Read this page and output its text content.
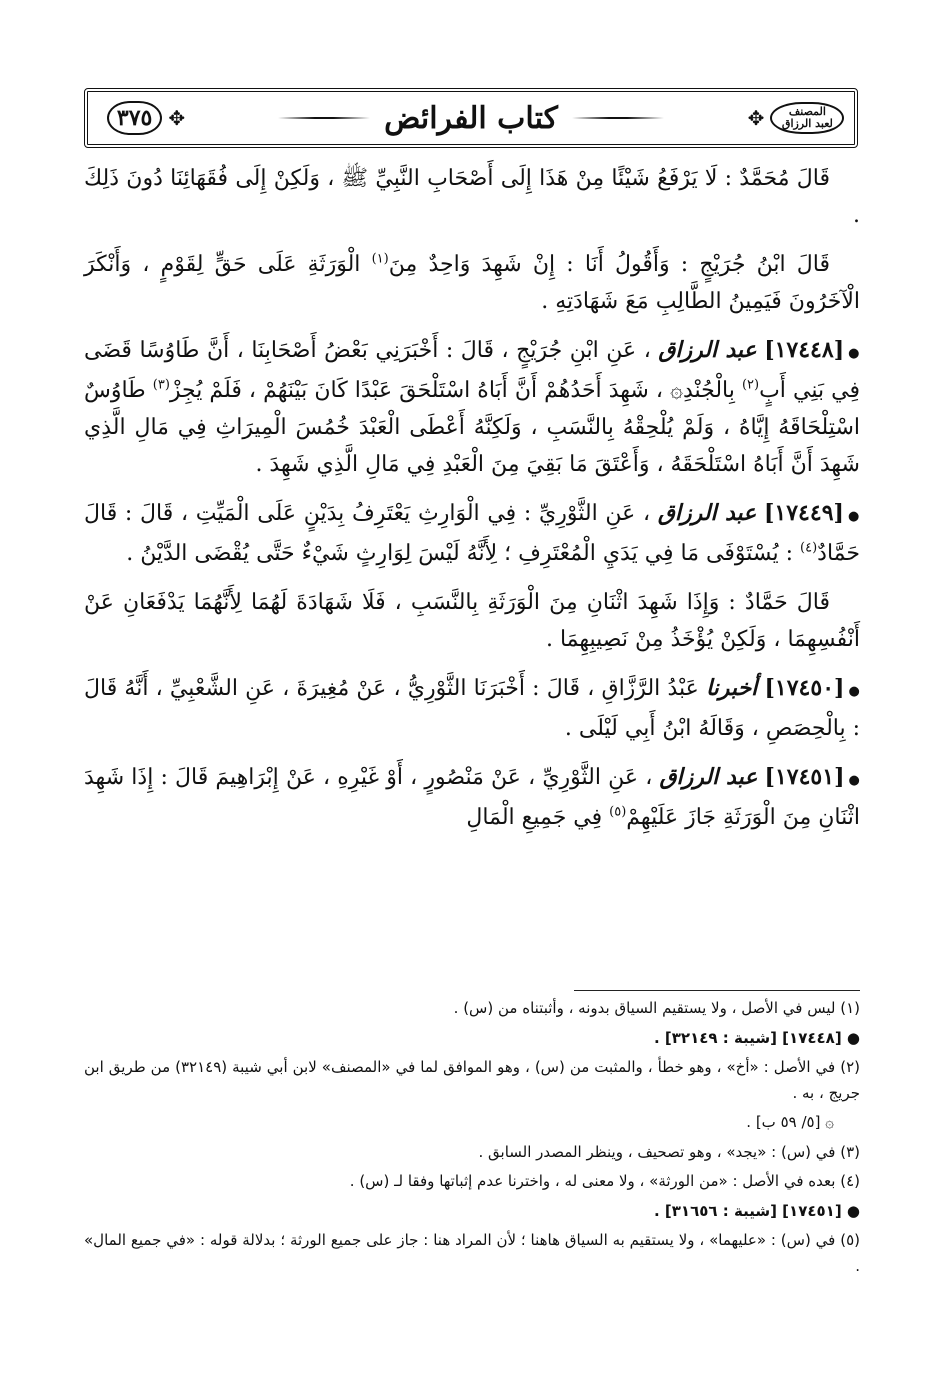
المصنف
لعبد الرزاق
✥
كتاب الفرائض
✥
٣٧٥

قَالَ مُحَمَّدٌ : لَا يَرْفَعُ شَيْئًا مِنْ هَذَا إِلَى أَصْحَابِ النَّبِيِّ ﷺ ، وَلَكِنْ إِلَى فُقَهَائِنَا دُونَ ذَلِكَ .

قَالَ ابْنُ جُرَيْجٍ : وَأَقُولُ أَنَا : إِنْ شَهِدَ وَاحِدٌ مِنَ$^{(١)}$ الْوَرَثَةِ عَلَى حَقٍّ لِقَوْمٍ ، وَأَنْكَرَ الْآخَرُونَ فَيَمِينُ الطَّالِبِ مَعَ شَهَادَتِهِ .

●[١٧٤٤٨] عبد الرزاق ، عَنِ ابْنِ جُرَيْجٍ ، قَالَ : أَخْبَرَنِي بَعْضُ أَصْحَابِنَا ، أَنَّ طَاوُسًا قَضَى فِي بَنِي أَبٍ$^{(٢)}$ بِالْجُنْدِ۞ ، شَهِدَ أَحَدُهُمْ أَنَّ أَبَاهُ اسْتَلْحَقَ عَبْدًا كَانَ بَيْنَهُمْ ، فَلَمْ يُجِزْ$^{(٣)}$ طَاوُسٌ اسْتِلْحَاقَهُ إِيَّاهُ ، وَلَمْ يُلْحِقْهُ بِالنَّسَبِ ، وَلَكِنَّهُ أَعْطَى الْعَبْدَ خُمُسَ الْمِيرَاثِ فِي مَالِ الَّذِي شَهِدَ أَنَّ أَبَاهُ اسْتَلْحَقَهُ ، وَأَعْتَقَ مَا بَقِيَ مِنَ الْعَبْدِ فِي مَالِ الَّذِي شَهِدَ .

●[١٧٤٤٩] عبد الرزاق ، عَنِ الثَّوْرِيِّ : فِي الْوَارِثِ يَعْتَرِفُ بِدَيْنٍ عَلَى الْمَيِّتِ ، قَالَ : قَالَ حَمَّادٌ$^{(٤)}$ : يُسْتَوْفَى مَا فِي يَدَيِ الْمُعْتَرِفِ ؛ لِأَنَّهُ لَيْسَ لِوَارِثٍ شَيْءٌ حَتَّى يُقْضَى الدَّيْنُ .

قَالَ حَمَّادٌ : وَإِذَا شَهِدَ اثْنَانِ مِنَ الْوَرَثَةِ بِالنَّسَبِ ، فَلَا شَهَادَةَ لَهُمَا لِأَنَّهُمَا يَدْفَعَانِ عَنْ أَنْفُسِهِمَا ، وَلَكِنْ يُؤْخَذُ مِنْ نَصِيبِهِمَا .

●[١٧٤٥٠] أخبرنا عَبْدُ الرَّزَّاقِ ، قَالَ : أَخْبَرَنَا الثَّوْرِيُّ ، عَنْ مُغِيرَةَ ، عَنِ الشَّعْبِيِّ ، أَنَّهُ قَالَ : بِالْحِصَصِ ، وَقَالَهُ ابْنُ أَبِي لَيْلَى .

●[١٧٤٥١] عبد الرزاق ، عَنِ الثَّوْرِيِّ ، عَنْ مَنْصُورٍ ، أَوْ غَيْرِهِ ، عَنْ إِبْرَاهِيمَ قَالَ : إِذَا شَهِدَ اثْنَانِ مِنَ الْوَرَثَةِ جَازَ عَلَيْهِمْ$^{(٥)}$ فِي جَمِيعِ الْمَالِ

(١) ليس في الأصل ، ولا يستقيم السياق بدونه ، وأثبتناه من (س) .

● [١٧٤٤٨] [شيبة : ٣٢١٤٩] .

(٢) في الأصل : «أخ» ، وهو خطأ ، والمثبت من (س) ، وهو الموافق لما في «المصنف» لابن أبي شيبة (٣٢١٤٩) من طريق ابن جريج ، به .

۞ [٥/ ٥٩ ب] .

(٣) في (س) : «يجد» ، وهو تصحيف ، وينظر المصدر السابق .

(٤) بعده في الأصل : «من الورثة» ، ولا معنى له ، واخترنا عدم إثباتها وفقا لـ (س) .

● [١٧٤٥١] [شيبة : ٣١٦٥٦] .

(٥) في (س) : «عليهما» ، ولا يستقيم به السياق هاهنا ؛ لأن المراد هنا : جاز على جميع الورثة ؛ بدلالة قوله : «في جميع المال» .
